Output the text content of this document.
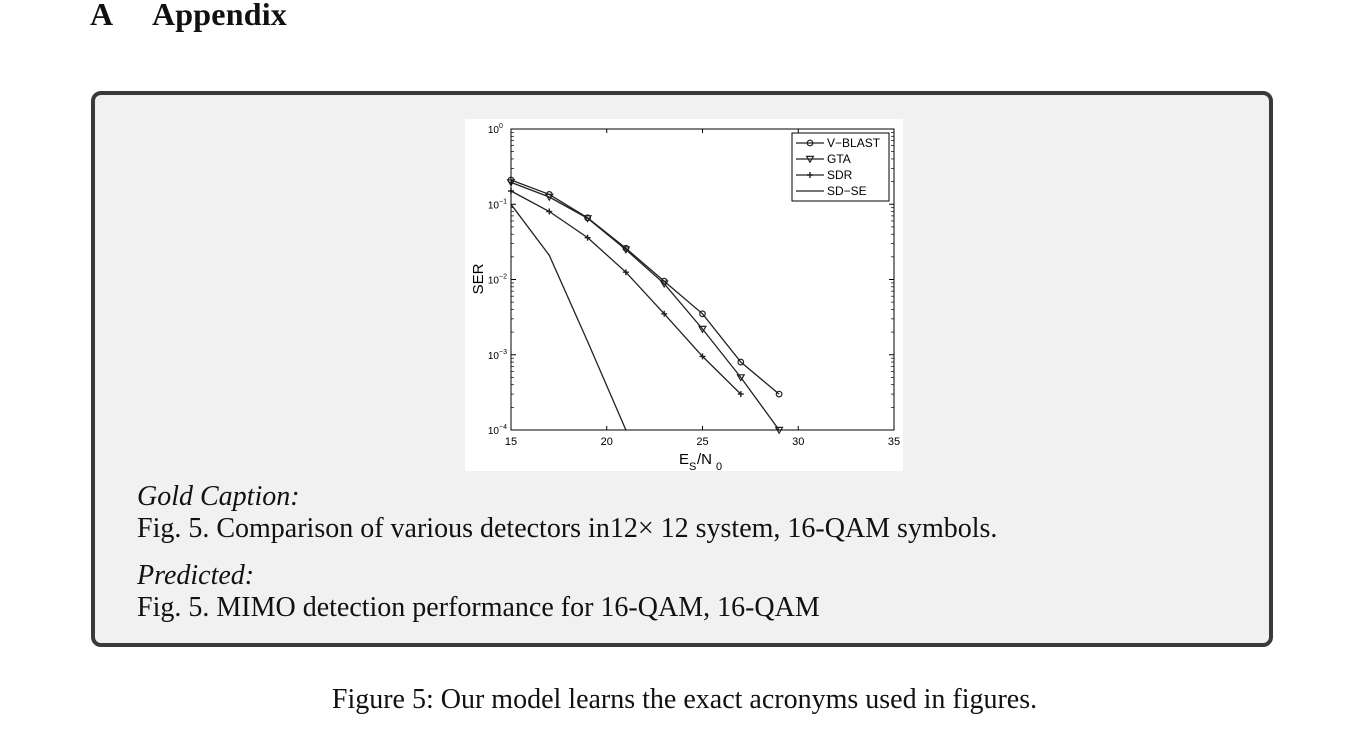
A Appendix
15	20	25	30	35
10 0
10 −1
10 −2
10 −3
10 −4
V−BLAST
GTA
SDR
SD−SE
SER
E S /N 0
Gold Caption:
Fig. 5. Comparison of various detectors in12× 12 system, 16-QAM symbols.
Predicted:
Fig. 5. MIMO detection performance for 16-QAM, 16-QAM
Figure 5: Our model learns the exact acronyms used in figures.
